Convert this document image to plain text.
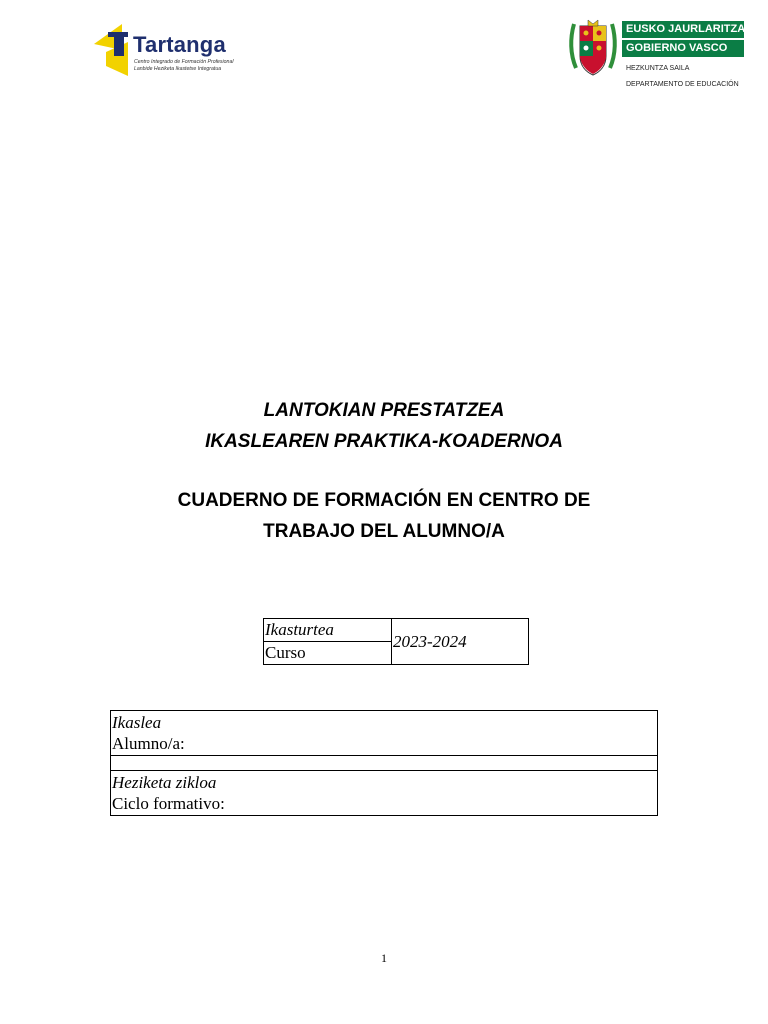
Tartanga
Centro Integrado de Formación Profesional
Lanbide Heziketa Ikastetxe Integratua
EUSKO JAURLARITZA
GOBIERNO VASCO
HEZKUNTZA SAILA
DEPARTAMENTO DE EDUCACIÓN
LANTOKIAN PRESTATZEA
IKASLEAREN PRAKTIKA-KOADERNOA
CUADERNO DE FORMACIÓN EN CENTRO DE
TRABAJO DEL ALUMNO/A
Ikasturtea
Curso
2023-2024
Ikaslea
Alumno/a:
Heziketa zikloa
Ciclo formativo:
1
